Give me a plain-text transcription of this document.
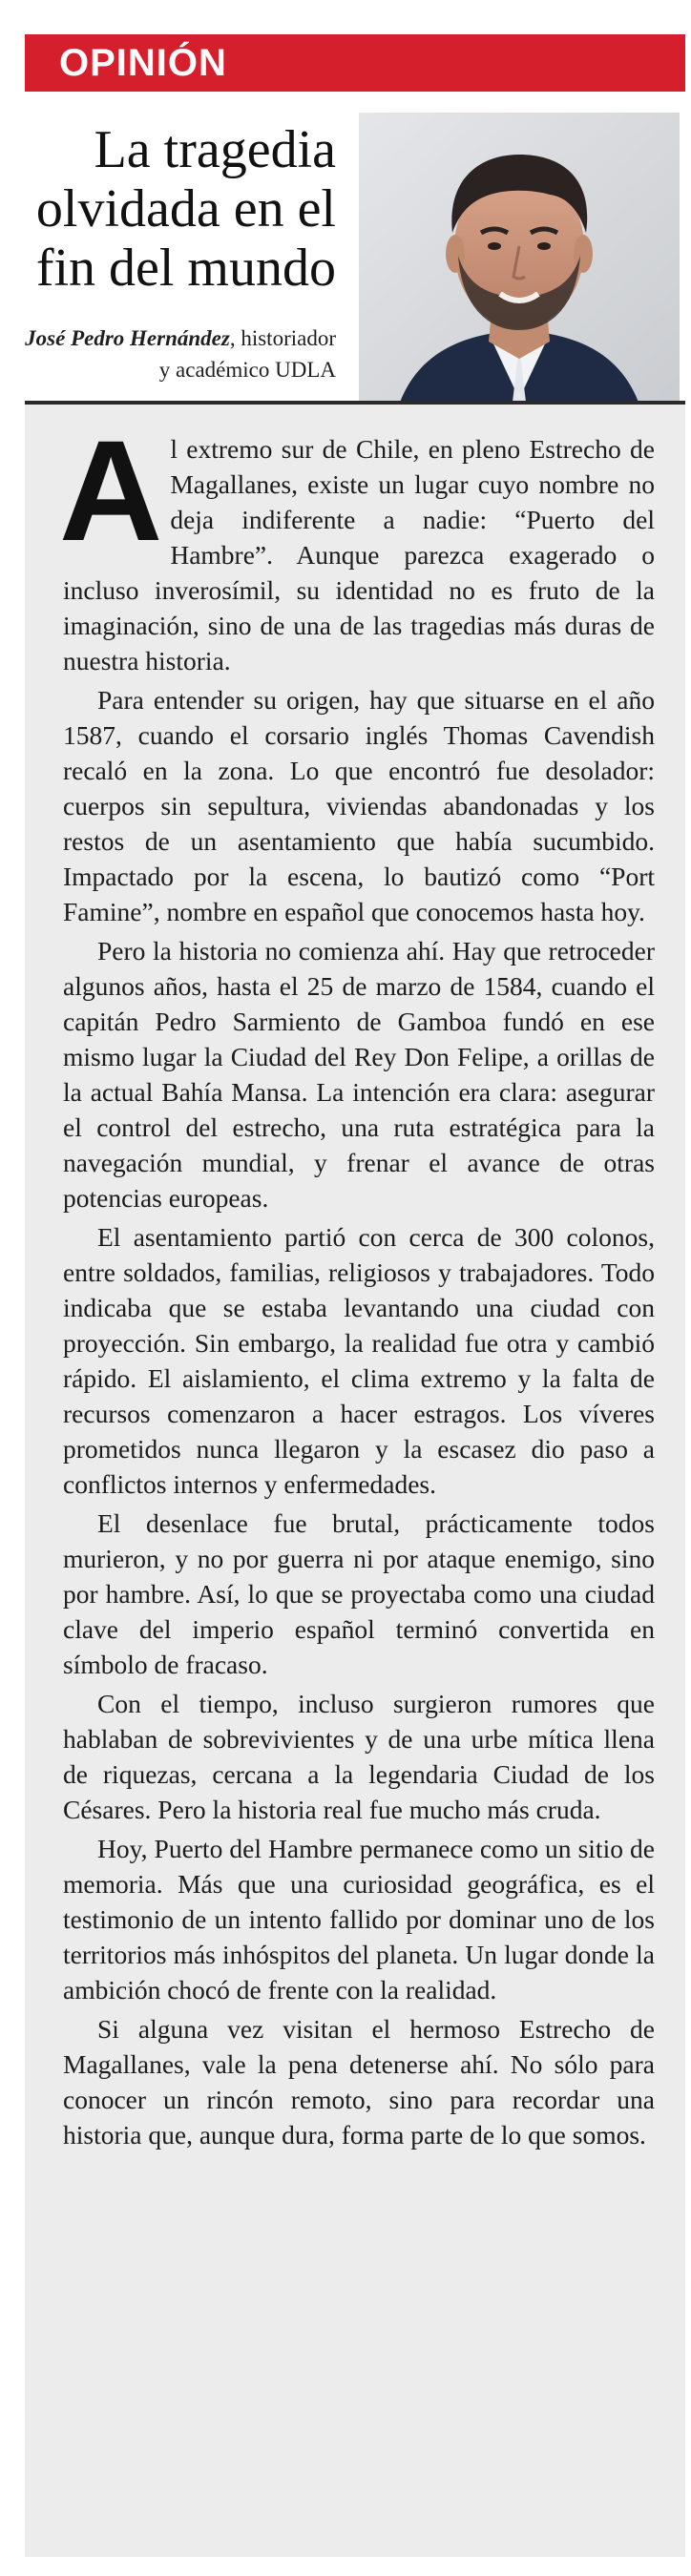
OPINIÓN
La tragedia olvidada en el fin del mundo
José Pedro Hernández, historiador y académico UDLA

Al extremo sur de Chile, en pleno Estrecho de Magallanes, existe un lugar cuyo nombre no deja indiferente a nadie: “Puerto del Hambre”. Aunque parezca exagerado o incluso inverosímil, su identidad no es fruto de la imaginación, sino de una de las tragedias más duras de nuestra historia.

Para entender su origen, hay que situarse en el año 1587, cuando el corsario inglés Thomas Cavendish recaló en la zona. Lo que encontró fue desolador: cuerpos sin sepultura, viviendas abandonadas y los restos de un asentamiento que había sucumbido. Impactado por la escena, lo bautizó como “Port Famine”, nombre en español que conocemos hasta hoy.

Pero la historia no comienza ahí. Hay que retroceder algunos años, hasta el 25 de marzo de 1584, cuando el capitán Pedro Sarmiento de Gamboa fundó en ese mismo lugar la Ciudad del Rey Don Felipe, a orillas de la actual Bahía Mansa. La intención era clara: asegurar el control del estrecho, una ruta estratégica para la navegación mundial, y frenar el avance de otras potencias europeas.

El asentamiento partió con cerca de 300 colonos, entre soldados, familias, religiosos y trabajadores. Todo indicaba que se estaba levantando una ciudad con proyección. Sin embargo, la realidad fue otra y cambió rápido. El aislamiento, el clima extremo y la falta de recursos comenzaron a hacer estragos. Los víveres prometidos nunca llegaron y la escasez dio paso a conflictos internos y enfermedades.

El desenlace fue brutal, prácticamente todos murieron, y no por guerra ni por ataque enemigo, sino por hambre. Así, lo que se proyectaba como una ciudad clave del imperio español terminó convertida en símbolo de fracaso.

Con el tiempo, incluso surgieron rumores que hablaban de sobrevivientes y de una urbe mítica llena de riquezas, cercana a la legendaria Ciudad de los Césares. Pero la historia real fue mucho más cruda.

Hoy, Puerto del Hambre permanece como un sitio de memoria. Más que una curiosidad geográfica, es el testimonio de un intento fallido por dominar uno de los territorios más inhóspitos del planeta. Un lugar donde la ambición chocó de frente con la realidad.

Si alguna vez visitan el hermoso Estrecho de Magallanes, vale la pena detenerse ahí. No sólo para conocer un rincón remoto, sino para recordar una historia que, aunque dura, forma parte de lo que somos.
